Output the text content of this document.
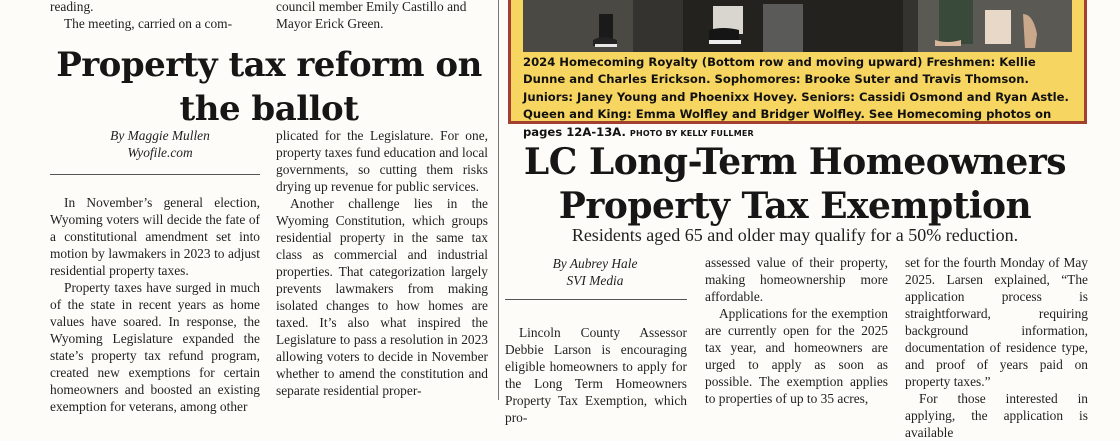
reading.

The meeting, carried on a com-

council member Emily Castillo and

Mayor Erick Green.

Property tax reform on
the ballot
By Maggie Mullen
Wyofile.com

In November’s general election, Wyoming voters will decide the fate of a constitutional amendment set into motion by lawmakers in 2023 to adjust residential property taxes.

Property taxes have surged in much of the state in recent years as home values have soared. In response, the Wyoming Legislature expanded the state’s property tax refund program, created new exemptions for certain homeowners and boosted an existing exemption for veterans, among other

plicated for the Legislature. For one, property taxes fund education and local governments, so cutting them risks drying up revenue for public services.

Another challenge lies in the Wyoming Constitution, which groups residential property in the same tax class as commercial and industrial properties. That categorization largely prevents lawmakers from making isolated changes to how homes are taxed. It’s also what inspired the Legislature to pass a resolution in 2023 allowing voters to decide in November whether to amend the constitution and separate residential proper-

2024 Homecoming Royalty (Bottom row and moving upward) Freshmen: Kellie Dunne and Charles Erickson. Sophomores: Brooke Suter and Travis Thomson. Juniors: Janey Young and Phoenixx Hovey. Seniors: Cassidi Osmond and Ryan Astle. Queen and King: Emma Wolfley and Bridger Wolfley. See Homecoming photos on pages 12A-13A. PHOTO BY KELLY FULLMER
LC Long-Term Homeowners
Property Tax Exemption
Residents aged 65 and older may qualify for a 50% reduction.
By Aubrey Hale
SVI Media

Lincoln County Assessor Debbie Larson is encouraging eligible homeowners to apply for the Long Term Homeowners Property Tax Exemption, which pro-

assessed value of their property, making homeownership more affordable.

Applications for the exemption are currently open for the 2025 tax year, and homeowners are urged to apply as soon as possible. The exemption applies to properties of up to 35 acres,

set for the fourth Monday of May 2025. Larsen explained, “The application process is straightforward, requiring background information, documentation of residence type, and proof of years paid on property taxes.”

For those interested in applying, the application is available
